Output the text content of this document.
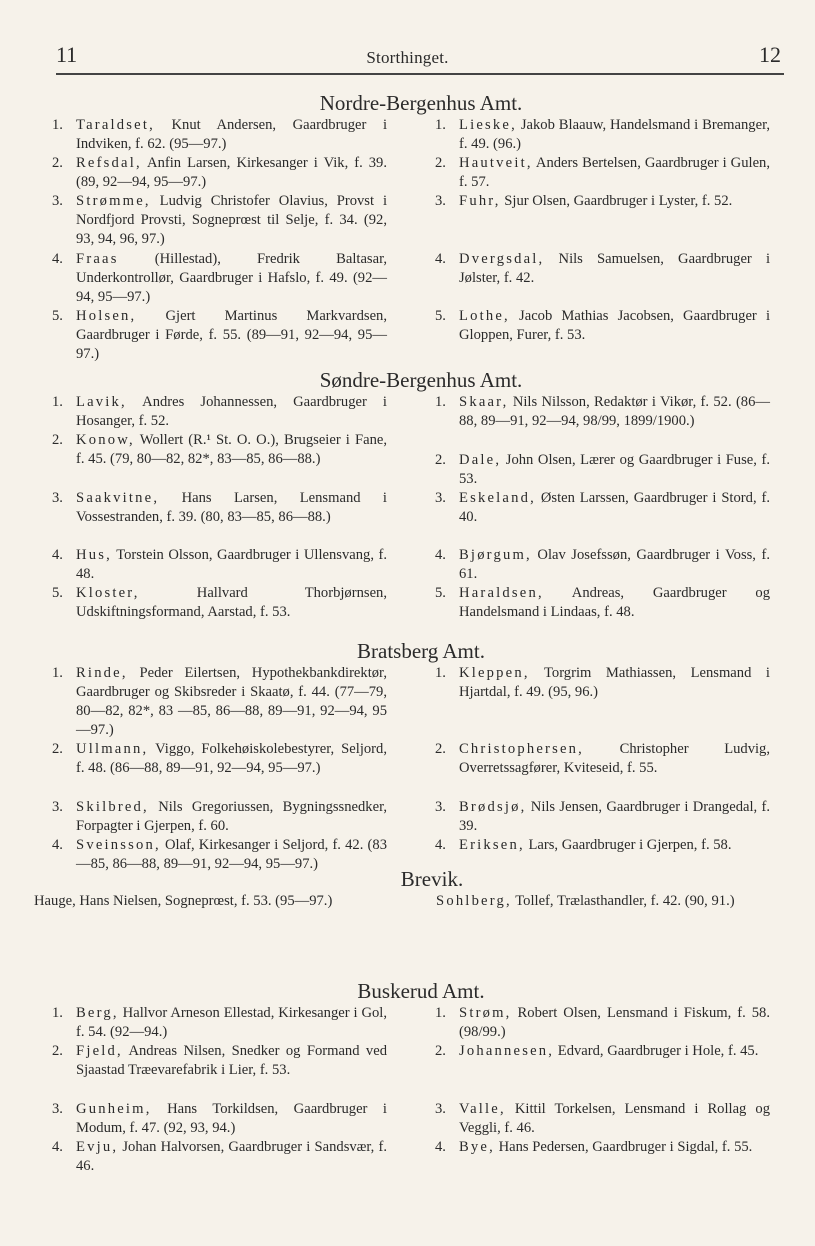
11	Storthinget.	12
Nordre-Bergenhus Amt.
1. Taraldset, Knut Andersen, Gaardbruger i Indviken, f. 62. (95—97.)
2. Refsdal, Anfin Larsen, Kirkesanger i Vik, f. 39. (89, 92—94, 95—97.)
3. Strømme, Ludvig Christofer Olavius, Provst i Nordfjord Provsti, Sogneprœst til Selje, f. 34. (92, 93, 94, 96, 97.)
4. Fraas (Hillestad), Fredrik Baltasar, Underkontrollør, Gaardbruger i Hafslo, f. 49. (92—94, 95—97.)
5. Holsen, Gjert Martinus Markvardsen, Gaardbruger i Førde, f. 55. (89—91, 92—94, 95—97.)
1. Lieske, Jakob Blaauw, Handelsmand i Bremanger, f. 49. (96.)
2. Hautveit, Anders Bertelsen, Gaardbruger i Gulen, f. 57.
3. Fuhr, Sjur Olsen, Gaardbruger i Lyster, f. 52.
4. Dvergsdal, Nils Samuelsen, Gaardbruger i Jølster, f. 42.
5. Lothe, Jacob Mathias Jacobsen, Gaardbruger i Gloppen, Furer, f. 53.
Søndre-Bergenhus Amt.
1. Lavik, Andres Johannessen, Gaardbruger i Hosanger, f. 52.
2. Konow, Wollert (R.¹ St. O. O.), Brugseier i Fane, f. 45. (79, 80—82, 82*, 83—85, 86—88.)
3. Saakvitne, Hans Larsen, Lensmand i Vossestranden, f. 39. (80, 83—85, 86—88.)
4. Hus, Torstein Olsson, Gaardbruger i Ullensvang, f. 48.
5. Kloster, Hallvard Thorbjørnsen, Udskiftningsformand, Aarstad, f. 53.
1. Skaar, Nils Nilsson, Redaktør i Vikør, f. 52. (86—88, 89—91, 92—94, 98/99, 1899/1900.)
2. Dale, John Olsen, Lærer og Gaardbruger i Fuse, f. 53.
3. Eskeland, Østen Larssen, Gaardbruger i Stord, f. 40.
4. Bjørgum, Olav Josefssøn, Gaardbruger i Voss, f. 61.
5. Haraldsen, Andreas, Gaardbruger og Handelsmand i Lindaas, f. 48.
Bratsberg Amt.
1. Rinde, Peder Eilertsen, Hypothekbankdirektør, Gaardbruger og Skibsreder i Skaatø, f. 44. (77—79, 80—82, 82*, 83 —85, 86—88, 89—91, 92—94, 95—97.)
2. Ullmann, Viggo, Folkehøiskolebestyrer, Seljord, f. 48. (86—88, 89—91, 92—94, 95—97.)
3. Skilbred, Nils Gregoriussen, Bygningssnedker, Forpagter i Gjerpen, f. 60.
4. Sveinsson, Olaf, Kirkesanger i Seljord, f. 42. (83—85, 86—88, 89—91, 92—94, 95—97.)
1. Kleppen, Torgrim Mathiassen, Lensmand i Hjartdal, f. 49. (95, 96.)
2. Christophersen, Christopher Ludvig, Overretssagfører, Kviteseid, f. 55.
3. Brødsjø, Nils Jensen, Gaardbruger i Drangedal, f. 39.
4. Eriksen, Lars, Gaardbruger i Gjerpen, f. 58.
Brevik.
Hauge, Hans Nielsen, Sogneprœst, f. 53. (95—97.)	Sohlberg, Tollef, Trælasthandler, f. 42. (90, 91.)
Buskerud Amt.
1. Berg, Hallvor Arneson Ellestad, Kirkesanger i Gol, f. 54. (92—94.)
2. Fjeld, Andreas Nilsen, Snedker og Formand ved Sjaastad Træevarefabrik i Lier, f. 53.
3. Gunheim, Hans Torkildsen, Gaardbruger i Modum, f. 47. (92, 93, 94.)
4. Evju, Johan Halvorsen, Gaardbruger i Sandsvær, f. 46.
1. Strøm, Robert Olsen, Lensmand i Fiskum, f. 58. (98/99.)
2. Johannesen, Edvard, Gaardbruger i Hole, f. 45.
3. Valle, Kittil Torkelsen, Lensmand i Rollag og Veggli, f. 46.
4. Bye, Hans Pedersen, Gaardbruger i Sigdal, f. 55.
